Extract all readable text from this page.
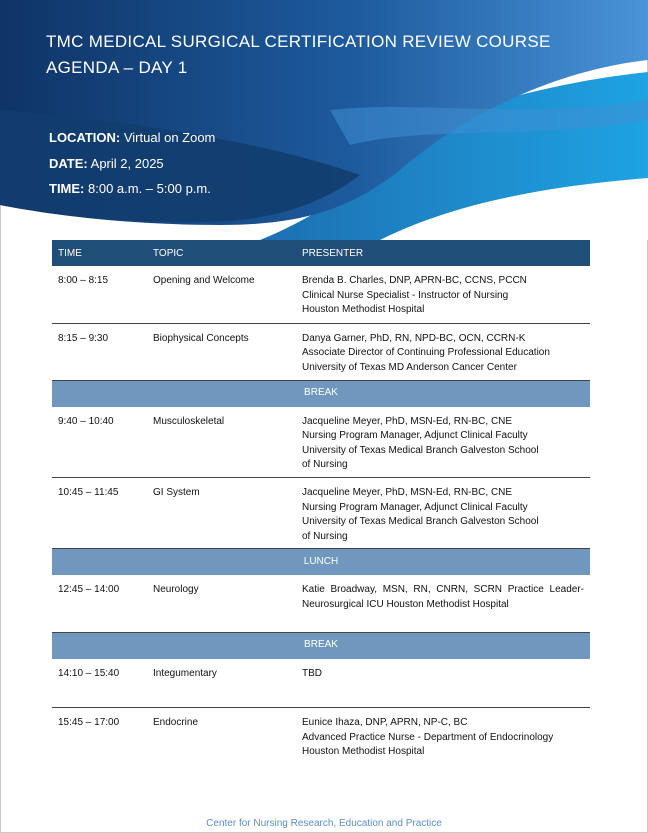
TMC MEDICAL SURGICAL CERTIFICATION REVIEW COURSE
AGENDA – DAY 1
LOCATION: Virtual on Zoom
DATE: April 2, 2025
TIME: 8:00 a.m. – 5:00 p.m.
TIME	TOPIC	PRESENTER
8:00 – 8:15	Opening and Welcome	Brenda B. Charles, DNP, APRN-BC, CCNS, PCCN
Clinical Nurse Specialist - Instructor of Nursing
Houston Methodist Hospital

8:15 – 9:30	Biophysical Concepts	Danya Garner, PhD, RN, NPD-BC, OCN, CCRN-K
Associate Director of Continuing Professional Education
University of Texas MD Anderson Cancer Center

BREAK		
9:40 – 10:40	Musculoskeletal	Jacqueline Meyer, PhD, MSN-Ed, RN-BC, CNE
Nursing Program Manager, Adjunct Clinical Faculty
University of Texas Medical Branch Galveston School
of Nursing

10:45 – 11:45	GI System	Jacqueline Meyer, PhD, MSN-Ed, RN-BC, CNE
Nursing Program Manager, Adjunct Clinical Faculty
University of Texas Medical Branch Galveston School
of Nursing

LUNCH		
12:45 – 14:00	Neurology	Katie Broadway, MSN, RN, CNRN, SCRN Practice Leader- Neurosurgical ICU Houston Methodist Hospital

BREAK		
14:10 – 15:40	Integumentary	TBD

15:45 – 17:00	Endocrine	Eunice Ihaza, DNP, APRN, NP-C, BC
Advanced Practice Nurse - Department of Endocrinology
Houston Methodist Hospital
Center for Nursing Research, Education and Practice
